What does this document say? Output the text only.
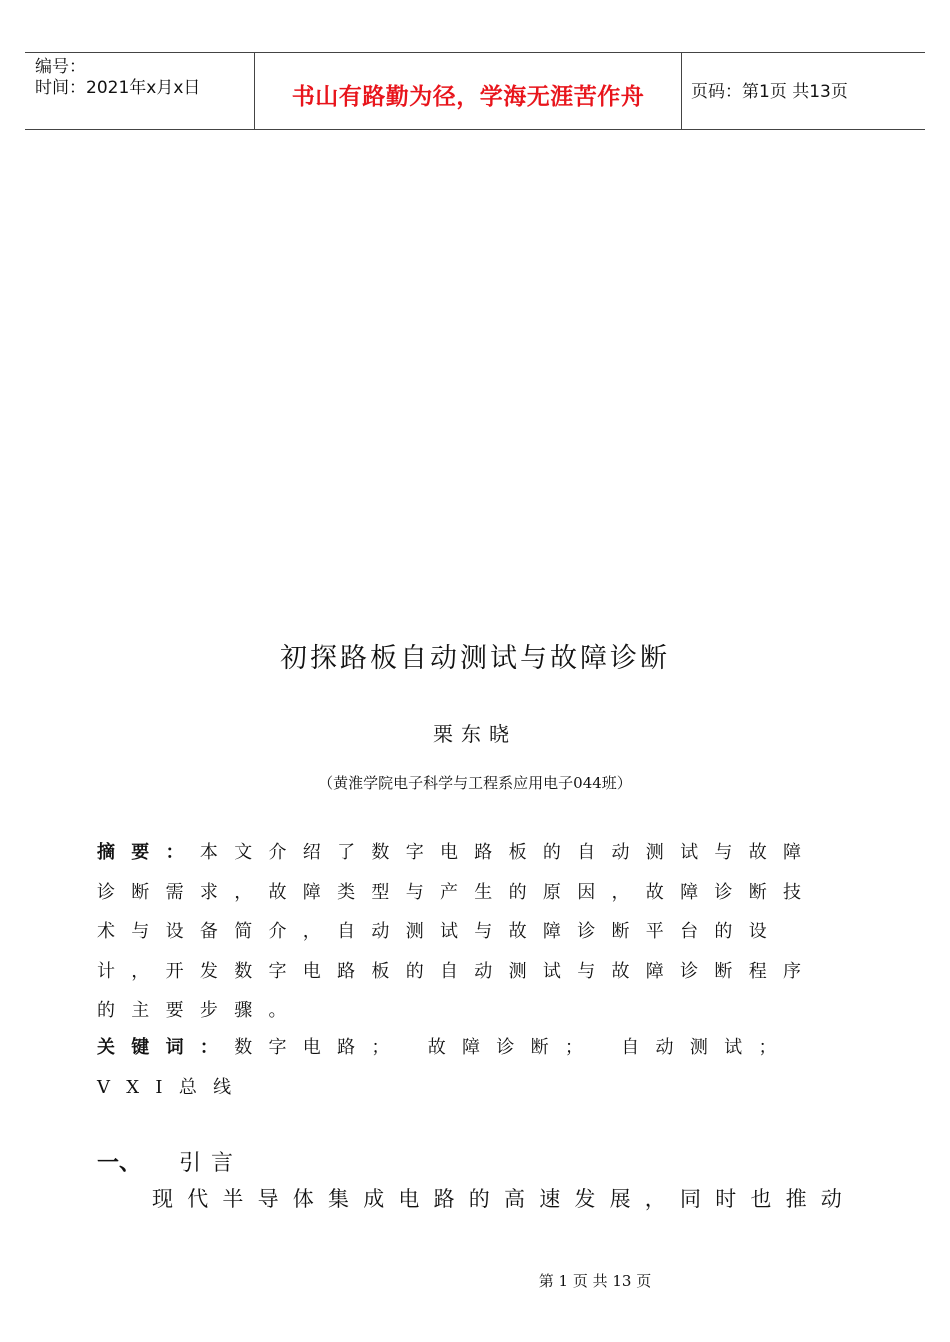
编号：
时间：2021年x月x日	书山有路勤为径，学海无涯苦作舟	页码：第1页 共13页
初探路板自动测试与故障诊断
栗东晓
（黄淮学院电子科学与工程系应用电子044班）
摘要：本文介绍了数字电路板的自动测试与故障诊断需求，故障类型与产生的原因，故障诊断技术与设备简介，自动测试与故障诊断平台的设计，开发数字电路板的自动测试与故障诊断程序的主要步骤。
关键词：数字电路； 故障诊断； 自动测试； VXI总线
一、 引言
现代半导体集成电路的高速发展，同时也推动
第 1 页 共 13 页
